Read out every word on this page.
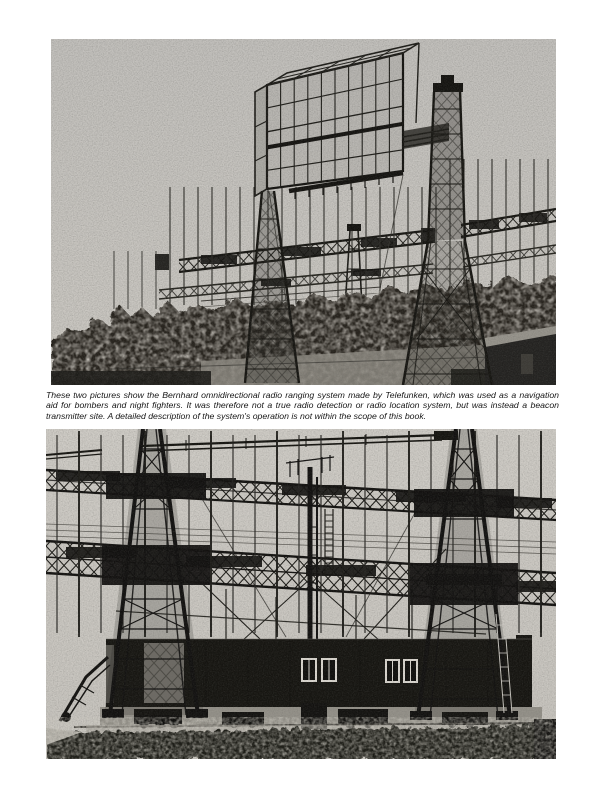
These two pictures show the Bernhard omnidirectional radio ranging system made by Telefunken, which was used as a navigation aid for bombers and night fighters. It was therefore not a true radio detection or radio location system, but was instead a beacon transmitter site. A detailed description of the system's operation is not within the scope of this book.
